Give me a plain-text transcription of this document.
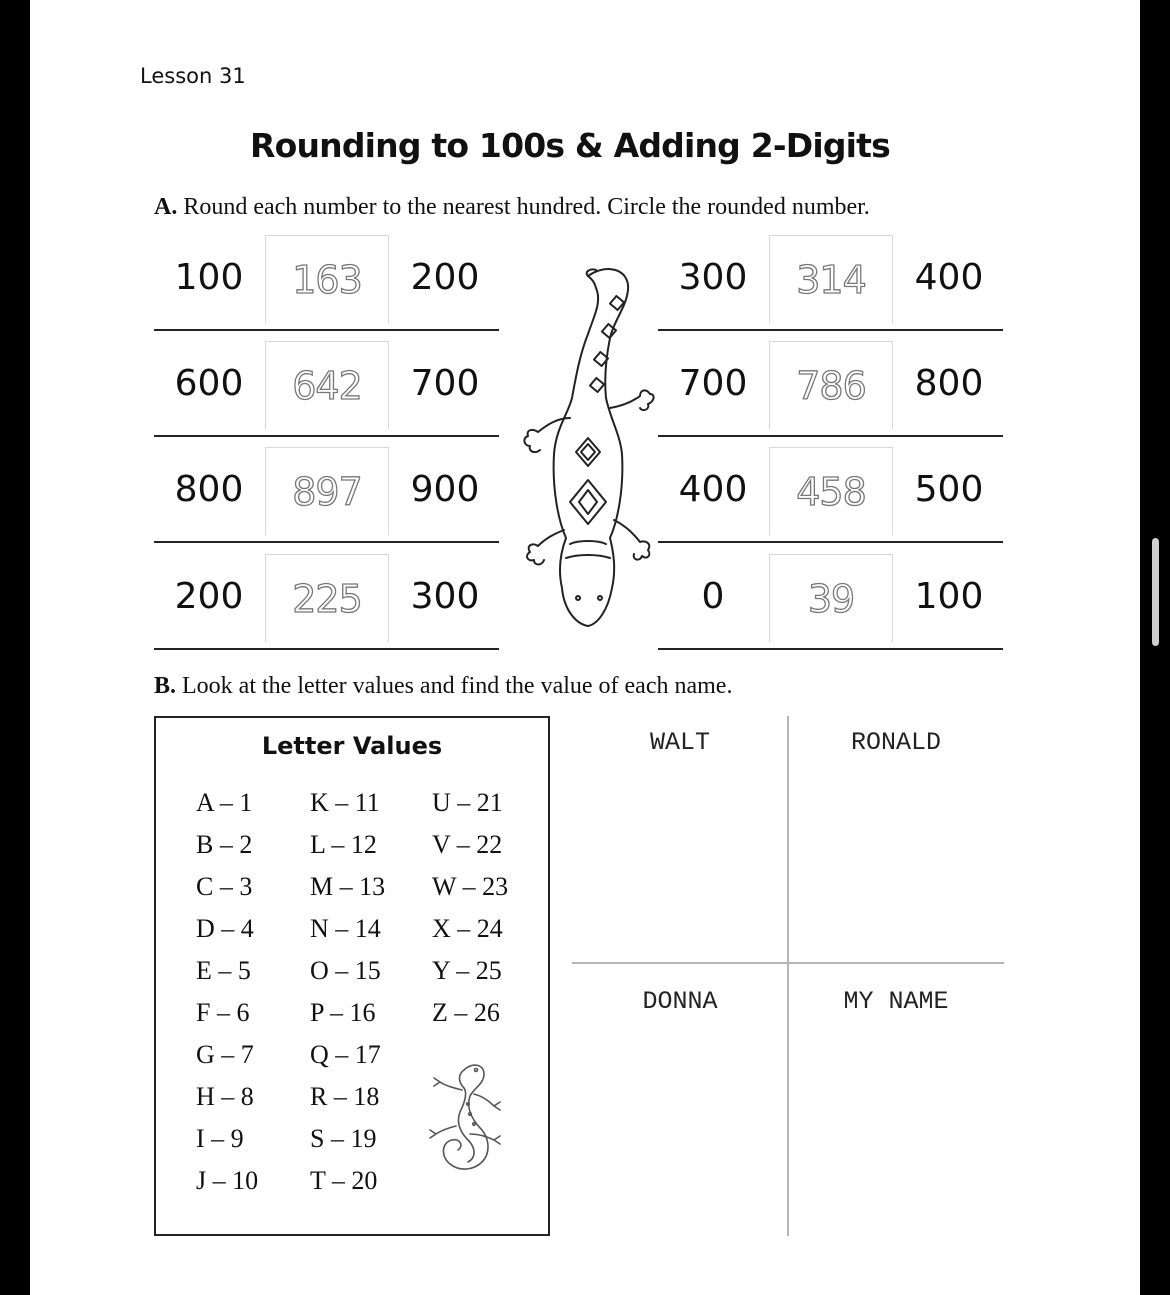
Lesson 31
Rounding to 100s & Adding 2-Digits
A. Round each number to the nearest hundred. Circle the rounded number.
100	163	200
600	642	700
800	897	900
200	225	300
300	314	400
700	786	800
400	458	500
0	39	100
B. Look at the letter values and find the value of each name.
Letter Values
A – 1
B – 2
C – 3
D – 4
E – 5
F – 6
G – 7
H – 8
I – 9
J – 10
K – 11
L – 12
M – 13
N – 14
O – 15
P – 16
Q – 17
R – 18
S – 19
T – 20
U – 21
V – 22
W – 23
X – 24
Y – 25
Z – 26
WALT	RONALD
DONNA	MY NAME
